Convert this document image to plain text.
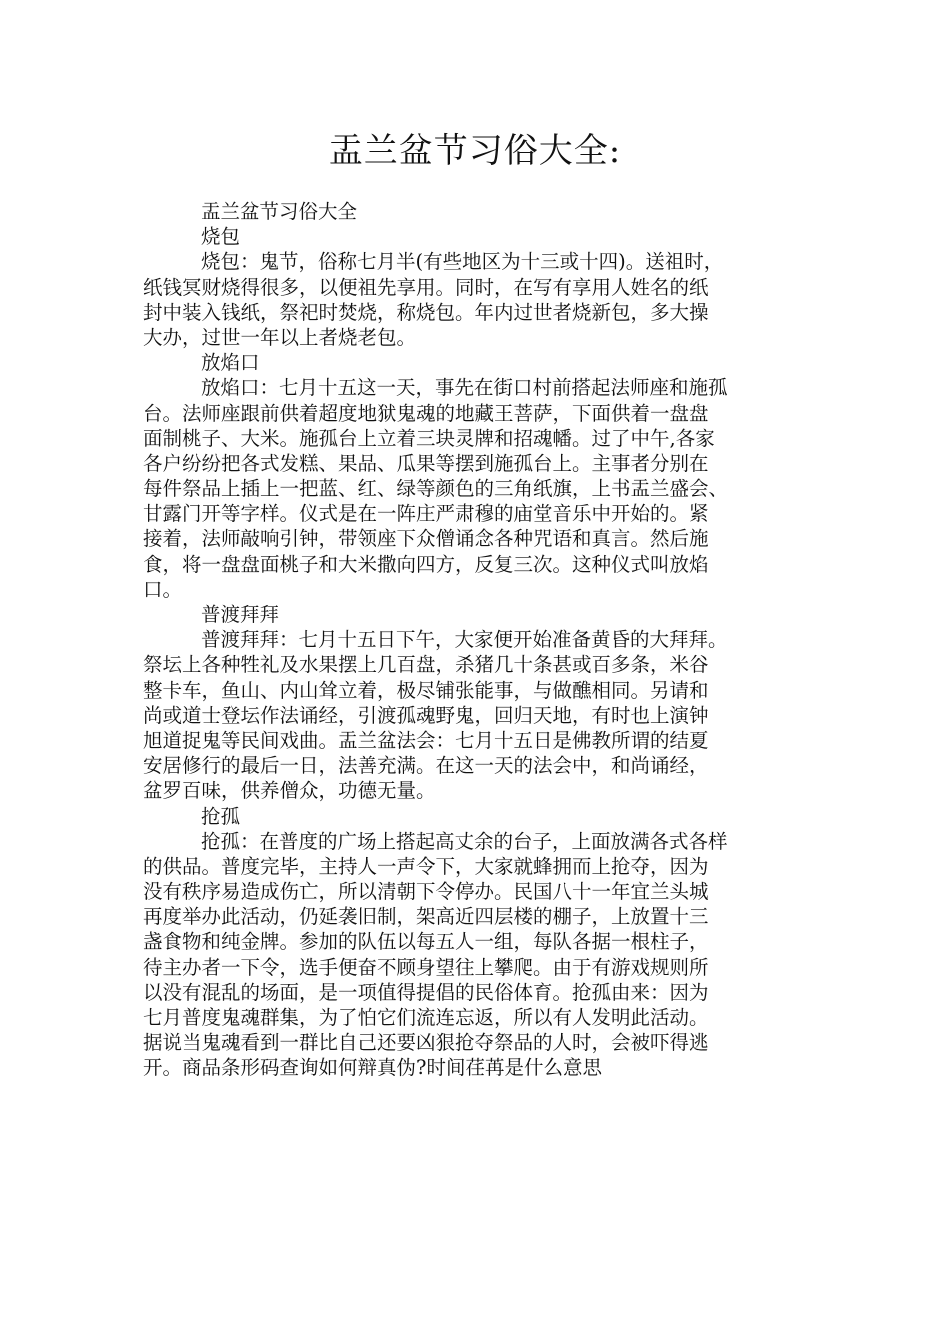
盂兰盆节习俗大全:
盂兰盆节习俗大全
烧包
烧包：鬼节，俗称七月半(有些地区为十三或十四)。送祖时，
纸钱冥财烧得很多，以便祖先享用。同时，在写有享用人姓名的纸
封中装入钱纸，祭祀时焚烧，称烧包。年内过世者烧新包，多大操
大办，过世一年以上者烧老包。
放焰口
放焰口：七月十五这一天，事先在街口村前搭起法师座和施孤
台。法师座跟前供着超度地狱鬼魂的地藏王菩萨，下面供着一盘盘
面制桃子、大米。施孤台上立着三块灵牌和招魂幡。过了中午,各家
各户纷纷把各式发糕、果品、瓜果等摆到施孤台上。主事者分别在
每件祭品上插上一把蓝、红、绿等颜色的三角纸旗，上书盂兰盛会、
甘露门开等字样。仪式是在一阵庄严肃穆的庙堂音乐中开始的。紧
接着，法师敲响引钟，带领座下众僧诵念各种咒语和真言。然后施
食，将一盘盘面桃子和大米撒向四方，反复三次。这种仪式叫放焰
口。
普渡拜拜
普渡拜拜：七月十五日下午，大家便开始准备黄昏的大拜拜。
祭坛上各种牲礼及水果摆上几百盘，杀猪几十条甚或百多条，米谷
整卡车，鱼山、内山耸立着，极尽铺张能事，与做醮相同。另请和
尚或道士登坛作法诵经，引渡孤魂野鬼，回归天地，有时也上演钟
旭道捉鬼等民间戏曲。盂兰盆法会：七月十五日是佛教所谓的结夏
安居修行的最后一日，法善充满。在这一天的法会中，和尚诵经，
盆罗百味，供养僧众，功德无量。
抢孤
抢孤：在普度的广场上搭起高丈余的台子，上面放满各式各样
的供品。普度完毕，主持人一声令下，大家就蜂拥而上抢夺，因为
没有秩序易造成伤亡，所以清朝下令停办。民国八十一年宜兰头城
再度举办此活动，仍延袭旧制，架高近四层楼的棚子，上放置十三
盏食物和纯金牌。参加的队伍以每五人一组，每队各据一根柱子，
待主办者一下令，选手便奋不顾身望往上攀爬。由于有游戏规则所
以没有混乱的场面，是一项值得提倡的民俗体育。抢孤由来：因为
七月普度鬼魂群集，为了怕它们流连忘返，所以有人发明此活动。
据说当鬼魂看到一群比自己还要凶狠抢夺祭品的人时，会被吓得逃
开。商品条形码查询如何辩真伪?时间荏苒是什么意思
